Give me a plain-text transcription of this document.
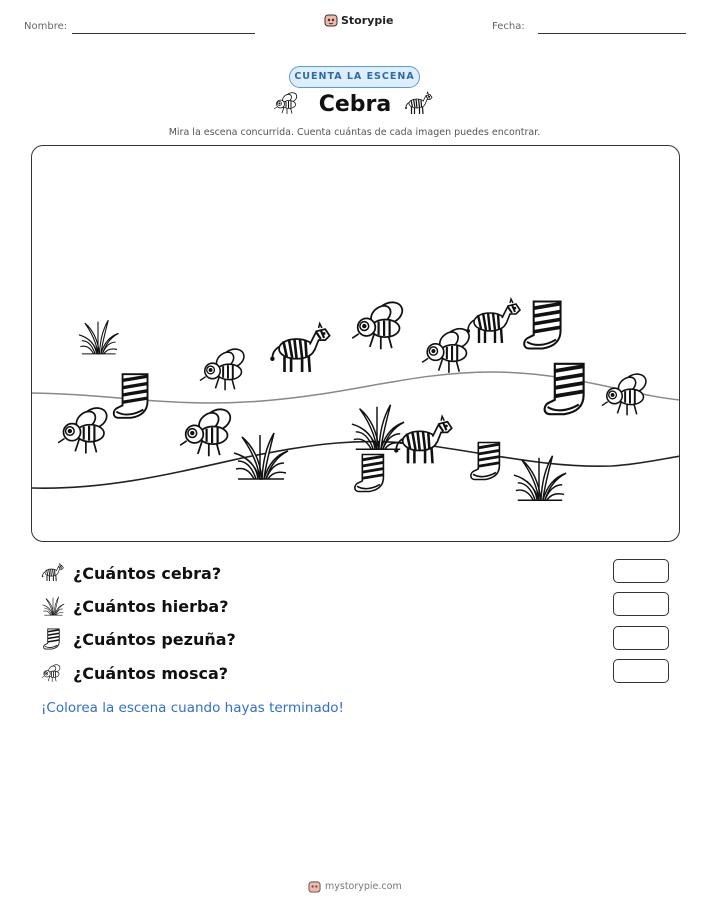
Nombre:	Storypie	Fecha:
CUENTA LA ESCENA
Cebra
Mira la escena concurrida. Cuenta cuántas de cada imagen puedes encontrar.
¿Cuántos cebra?
¿Cuántos hierba?
¿Cuántos pezuña?
¿Cuántos mosca?
¡Colorea la escena cuando hayas terminado!
mystorypie.com
